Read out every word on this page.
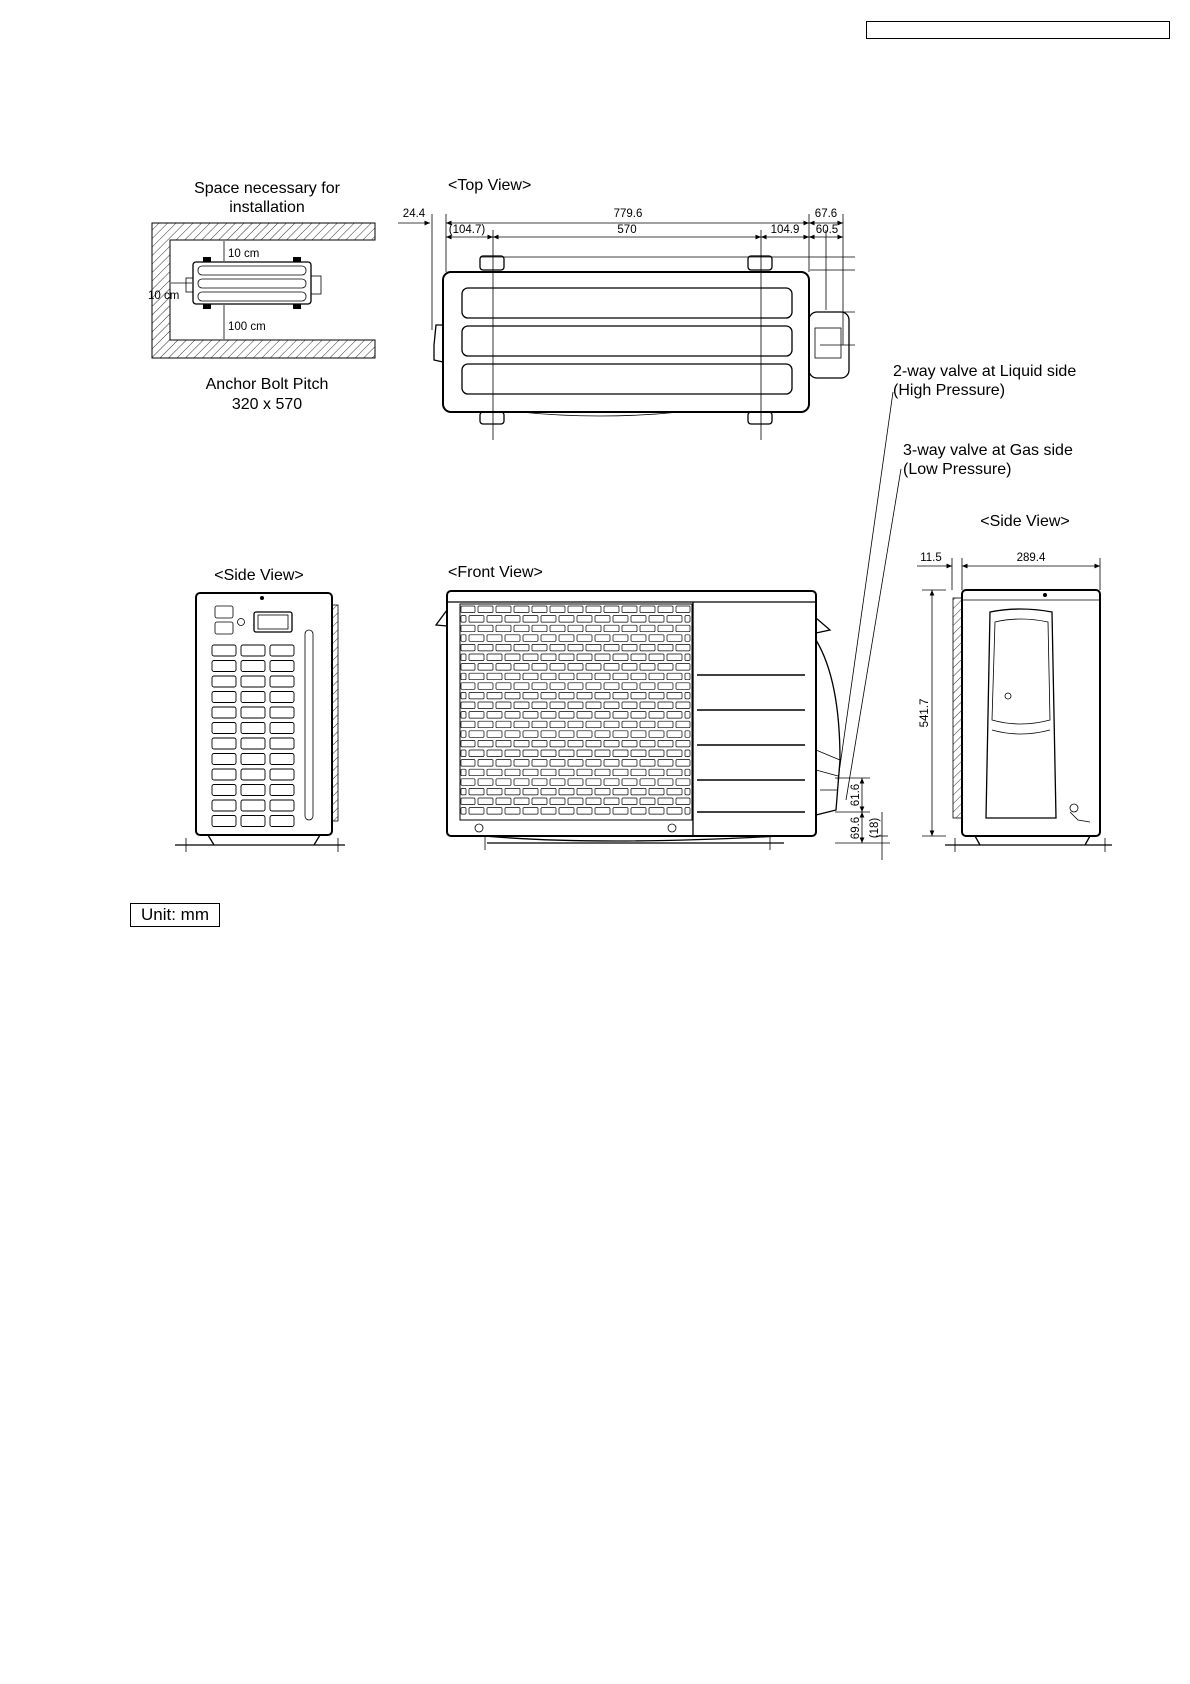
Space necessary for
installation
10 cm
10 cm
100 cm
Anchor Bolt Pitch
320 x 570
<Top View>
24.4	779.6	67.6
(104.7)	570	104.9 60.5
2-way valve at Liquid side
(High Pressure)
3-way valve at Gas side
(Low Pressure)
<Side View>	<Front View>
61.6
69.6 (18)
<Side View>
11.5	289.4
541.7
Unit: mm
